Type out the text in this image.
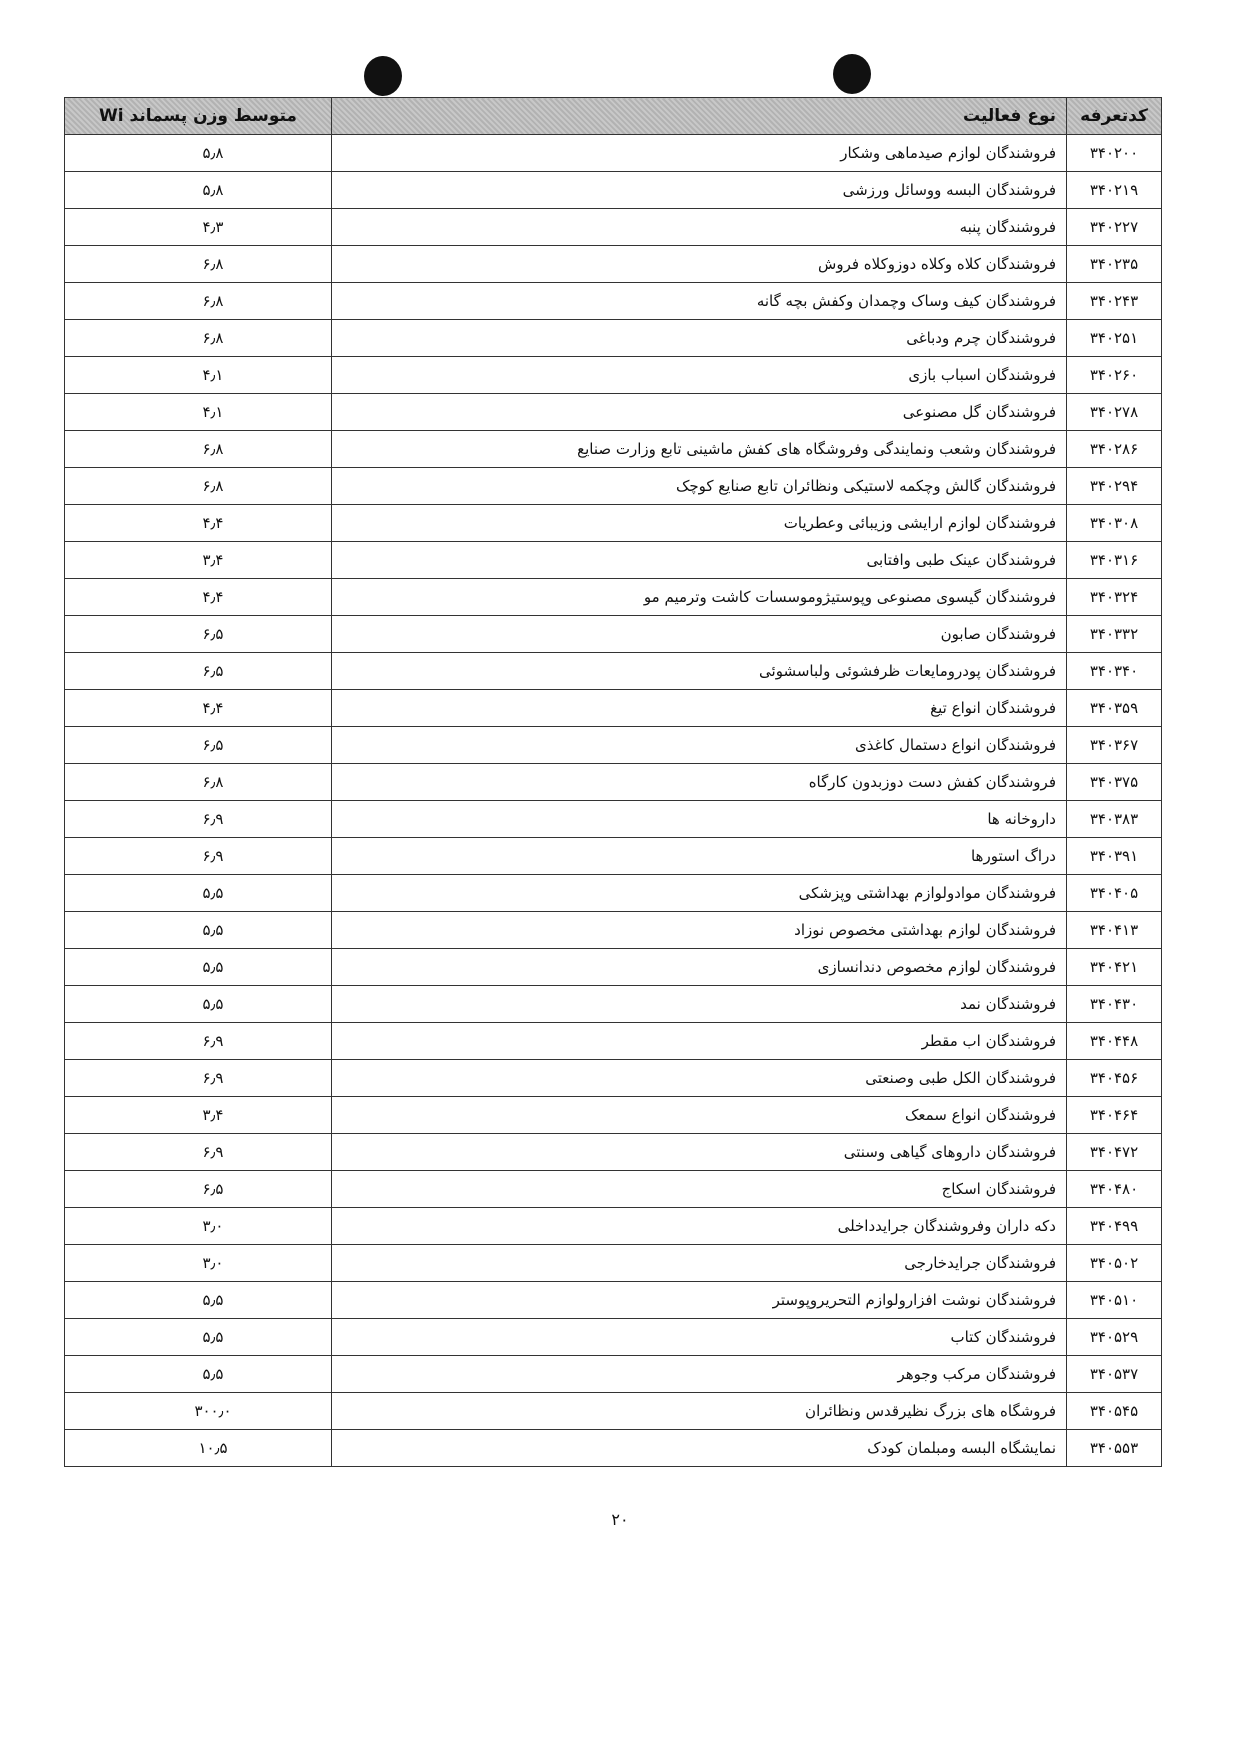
کدتعرفه	نوع فعالیت	متوسط وزن پسماند Wi
۳۴۰۲۰۰	فروشندگان لوازم صیدماهی وشکار	۵٫۸
۳۴۰۲۱۹	فروشندگان البسه ووسائل ورزشی	۵٫۸
۳۴۰۲۲۷	فروشندگان پنبه	۴٫۳
۳۴۰۲۳۵	فروشندگان کلاه وکلاه دوزوکلاه فروش	۶٫۸
۳۴۰۲۴۳	فروشندگان کیف وساک وچمدان وکفش بچه گانه	۶٫۸
۳۴۰۲۵۱	فروشندگان چرم ودباغی	۶٫۸
۳۴۰۲۶۰	فروشندگان اسباب بازی	۴٫۱
۳۴۰۲۷۸	فروشندگان گل مصنوعی	۴٫۱
۳۴۰۲۸۶	فروشندگان وشعب ونمایندگی وفروشگاه های کفش ماشینی تابع وزارت صنایع	۶٫۸
۳۴۰۲۹۴	فروشندگان گالش وچکمه لاستیکی ونظائران تابع صنایع کوچک	۶٫۸
۳۴۰۳۰۸	فروشندگان لوازم ارایشی وزیبائی وعطریات	۴٫۴
۳۴۰۳۱۶	فروشندگان عینک طبی وافتابی	۳٫۴
۳۴۰۳۲۴	فروشندگان گیسوی مصنوعی وپوستیژوموسسات کاشت وترمیم مو	۴٫۴
۳۴۰۳۳۲	فروشندگان صابون	۶٫۵
۳۴۰۳۴۰	فروشندگان پودرومایعات ظرفشوئی ولباسشوئی	۶٫۵
۳۴۰۳۵۹	فروشندگان انواع تیغ	۴٫۴
۳۴۰۳۶۷	فروشندگان انواع دستمال کاغذی	۶٫۵
۳۴۰۳۷۵	فروشندگان کفش دست دوزبدون کارگاه	۶٫۸
۳۴۰۳۸۳	داروخانه ها	۶٫۹
۳۴۰۳۹۱	دراگ استورها	۶٫۹
۳۴۰۴۰۵	فروشندگان موادولوازم بهداشتی وپزشکی	۵٫۵
۳۴۰۴۱۳	فروشندگان لوازم بهداشتی مخصوص نوزاد	۵٫۵
۳۴۰۴۲۱	فروشندگان لوازم مخصوص دندانسازی	۵٫۵
۳۴۰۴۳۰	فروشندگان نمد	۵٫۵
۳۴۰۴۴۸	فروشندگان اب مقطر	۶٫۹
۳۴۰۴۵۶	فروشندگان الکل طبی وصنعتی	۶٫۹
۳۴۰۴۶۴	فروشندگان انواع سمعک	۳٫۴
۳۴۰۴۷۲	فروشندگان داروهای گیاهی وسنتی	۶٫۹
۳۴۰۴۸۰	فروشندگان اسکاج	۶٫۵
۳۴۰۴۹۹	دکه داران وفروشندگان جرایدداخلی	۳٫۰
۳۴۰۵۰۲	فروشندگان جرایدخارجی	۳٫۰
۳۴۰۵۱۰	فروشندگان نوشت افزارولوازم التحریروپوستر	۵٫۵
۳۴۰۵۲۹	فروشندگان کتاب	۵٫۵
۳۴۰۵۳۷	فروشندگان مرکب وجوهر	۵٫۵
۳۴۰۵۴۵	فروشگاه های بزرگ نظیرقدس ونظائران	۳۰۰٫۰
۳۴۰۵۵۳	نمایشگاه البسه ومبلمان کودک	۱۰٫۵
۲۰
